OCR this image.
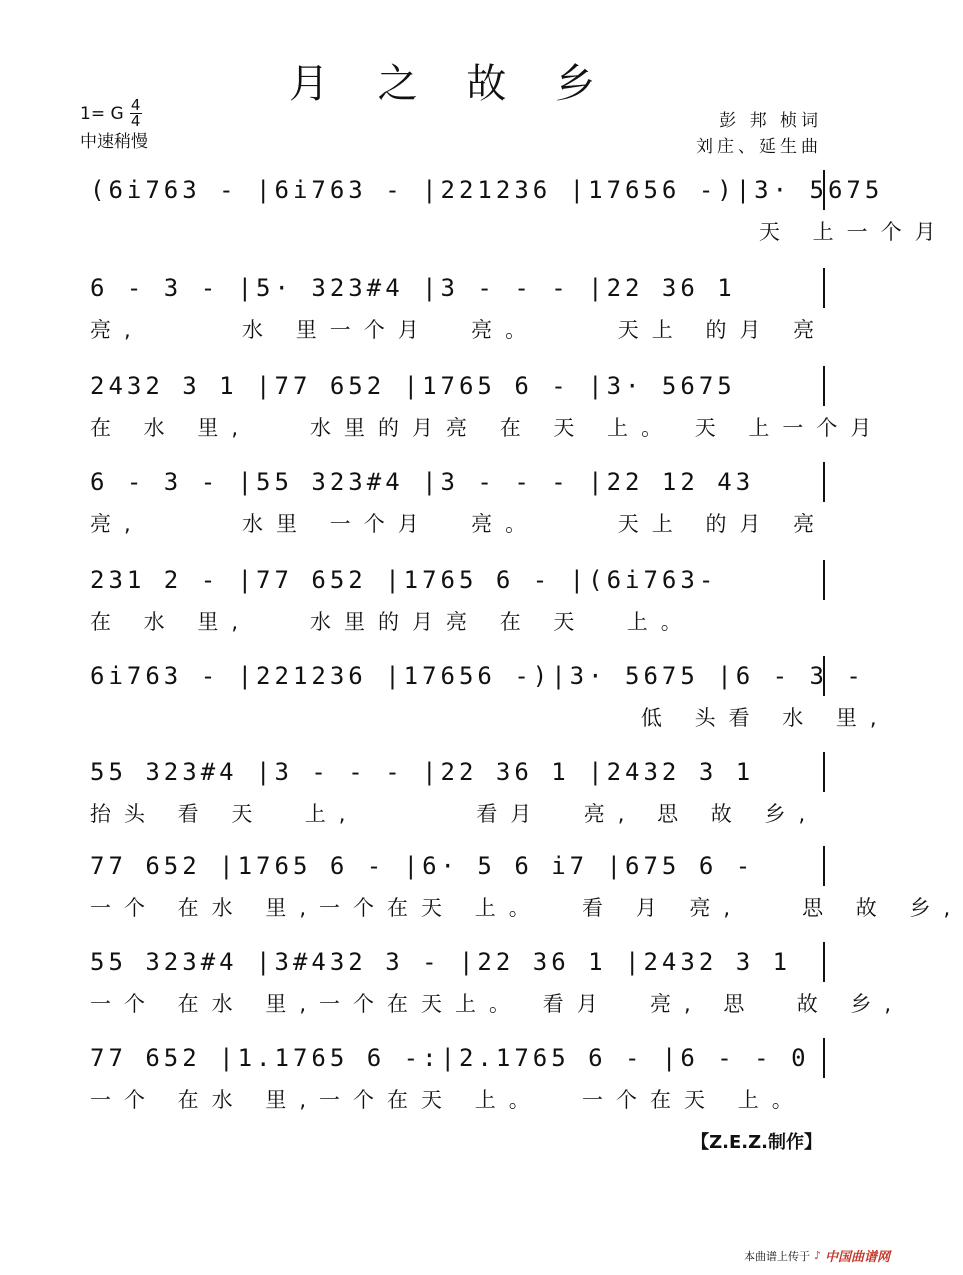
月 之 故 乡
1= G 4
4
中速稍慢
彭 邦 桢词
刘庄、延生曲
(6i763 - |6i763 - |221236 |17656 -)|3· 5675
天 上一个月
6 - 3 - |5· 323#4 |3 - - - |22 36 1
亮,     水 里一个月  亮。    天上 的月 亮
2432 3 1 |77 652 |1765 6 - |3· 5675
在 水 里,   水里的月亮 在 天 上。 天 上一个月
6 - 3 - |55 323#4 |3 - - - |22 12 43
亮,     水里 一个月  亮。    天上 的月 亮
231 2 - |77 652 |1765 6 - |(6i763-
在 水 里,   水里的月亮 在 天  上。
6i763 - |221236 |17656 -)|3· 5675 |6 - 3 -
低 头看 水 里,
55 323#4 |3 - - - |22 36 1 |2432 3 1
抬头 看 天  上,      看月  亮, 思 故 乡,
77 652 |1765 6 - |6· 5 6 i7 |675 6 -
一个 在水 里,一个在天 上。  看 月 亮,   思 故 乡,
55 323#4 |3#432 3 - |22 36 1 |2432 3 1
一个 在水 里,一个在天上。 看月  亮, 思  故 乡,
77 652 |1.1765 6 -:|2.1765 6 - |6 - - 0
一个 在水 里,一个在天 上。  一个在天 上。
【Z.E.Z.制作】
本曲谱上传于 ♪ 中国曲谱网
